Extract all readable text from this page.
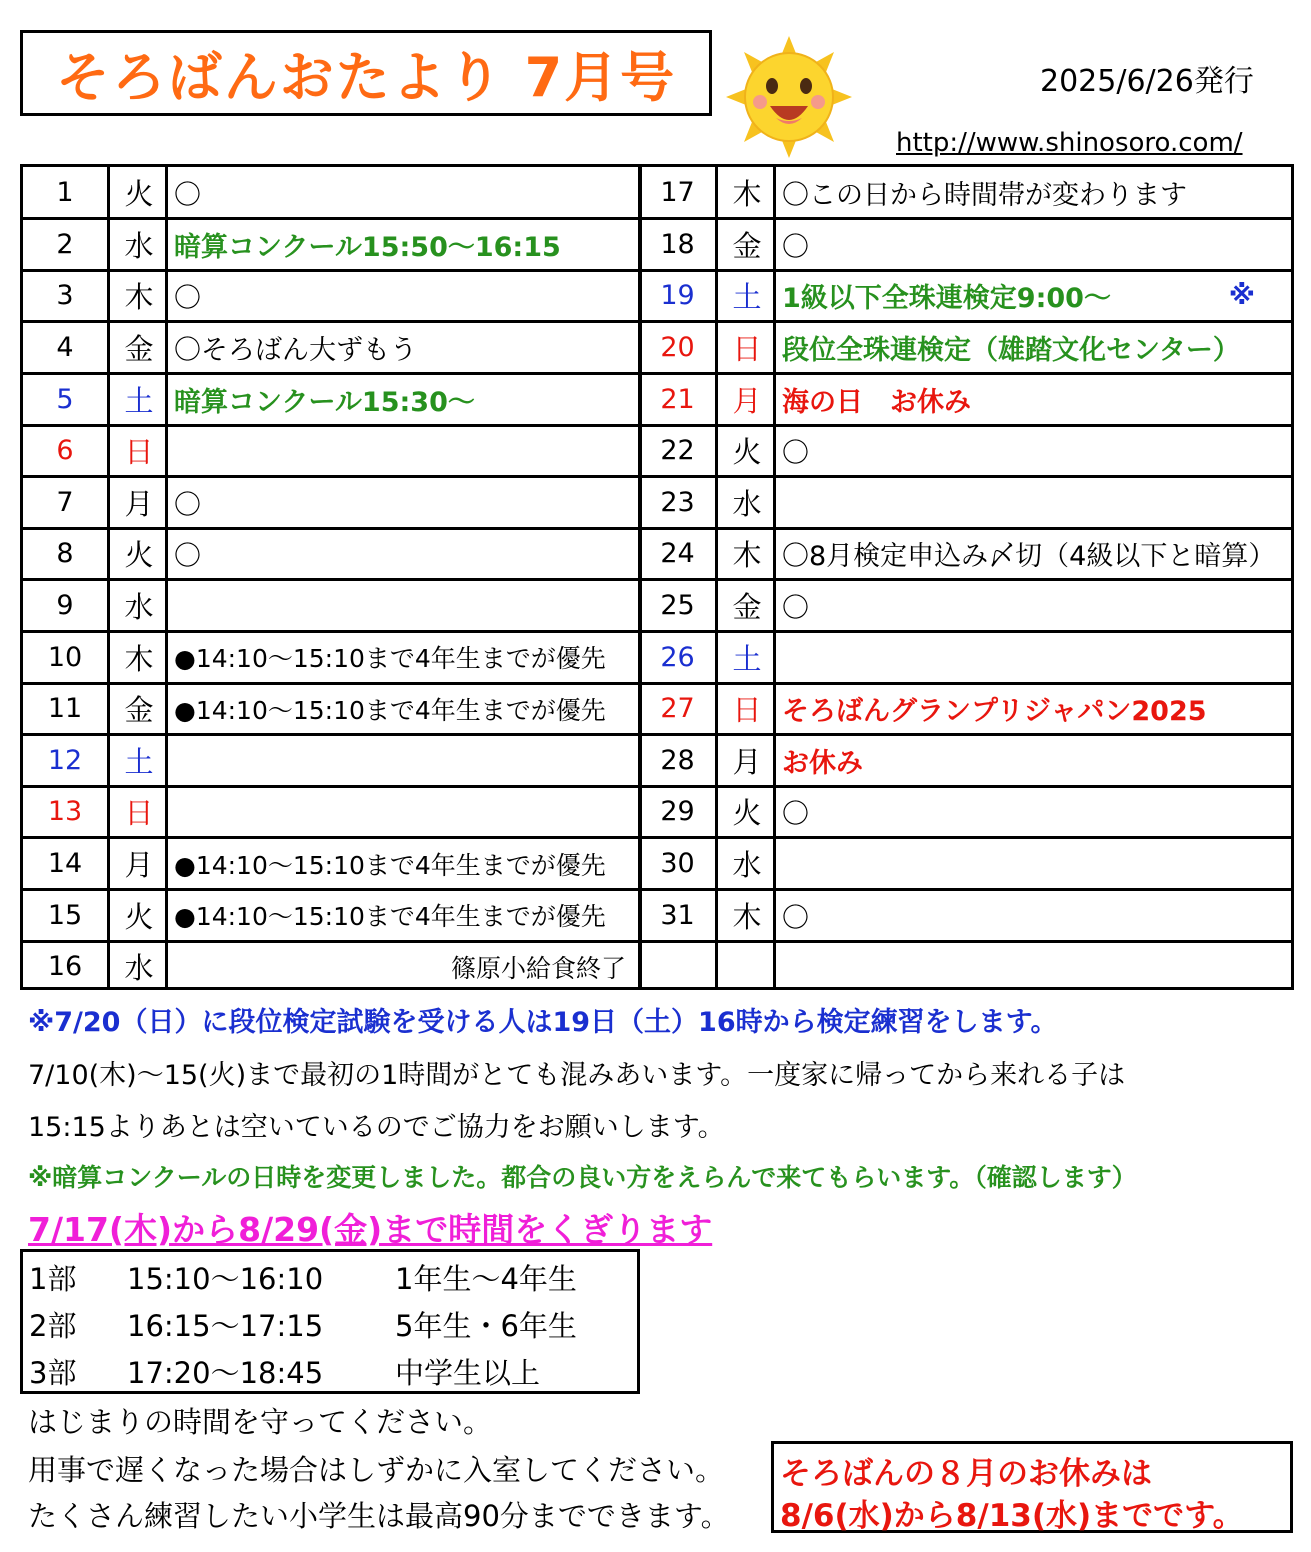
そろばんおたより 7月号	2025/6/26発行
http://www.shinosoro.com/
1	火 〇
2	水 暗算コンクール15:50～16:15
3	木 〇
4	金 〇そろばん大ずもう
5	土 暗算コンクール15:30～
6	日
7	月 〇
8	火 〇
9	水
10	木 ●14:10～15:10まで4年生までが優先
11	金 ●14:10～15:10まで4年生までが優先
12	土
13	日
14	月 ●14:10～15:10まで4年生までが優先
15	火 ●14:10～15:10まで4年生までが優先
16	水	篠原小給食終了
17	木 〇この日から時間帯が変わります
18	金 〇
19	土 1級以下全珠連検定9:00～	※
20	日 段位全珠連検定（雄踏文化センター）
21	月 海の日　お休み
22	火 〇
23	水
24	木 〇8月検定申込み〆切（4級以下と暗算）
25	金 〇
26	土
27	日 そろばんグランプリジャパン2025
28	月 お休み
29	火 〇
30	水
31	木 〇
※7/20（日）に段位検定試験を受ける人は19日（土）16時から検定練習をします。
7/10(木)～15(火)まで最初の1時間がとても混みあいます。一度家に帰ってから来れる子は
15:15よりあとは空いているのでご協力をお願いします。
※暗算コンクールの日時を変更しました。都合の良い方をえらんで来てもらいます。（確認します）
7/17(木)から8/29(金)まで時間をくぎります
1部 15:10～16:10 1年生～4年生
2部 16:15～17:15 5年生・6年生
3部 17:20～18:45 中学生以上
はじまりの時間を守ってください。
用事で遅くなった場合はしずかに入室してください。
たくさん練習したい小学生は最高90分までできます。
そろばんの８月のお休みは
8/6(水)から8/13(水)までです。
